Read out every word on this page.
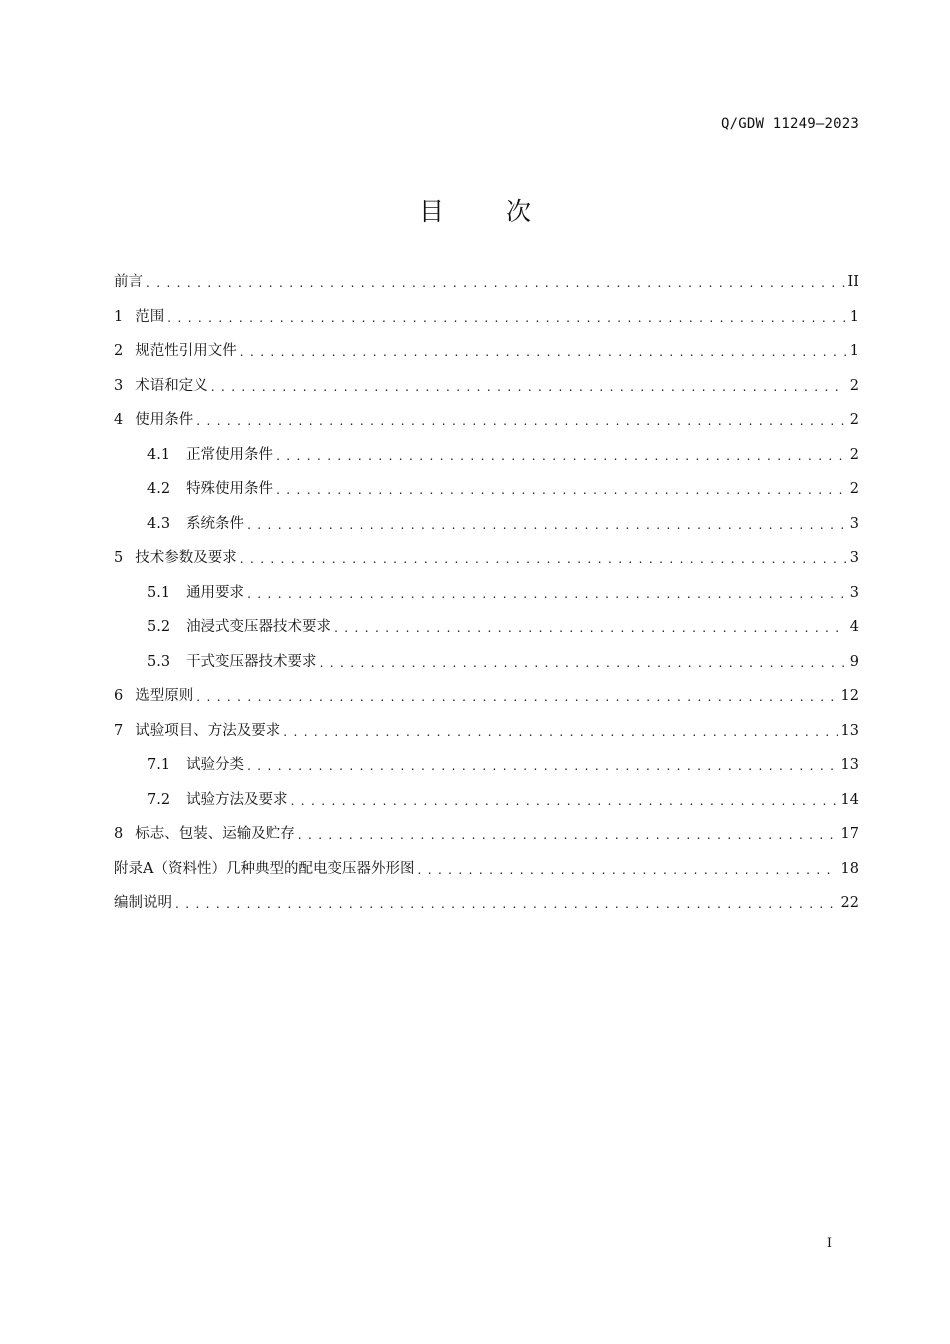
Q/GDW 11249—2023
目次
前言 . . .	II
1 范围 . . .	1
2 规范性引用文件 . . .	1
3 术语和定义 . . .	2
4 使用条件 . . .	2
4.1 正常使用条件 . . .	2
4.2 特殊使用条件 . . .	2
4.3 系统条件 . . .	3
5 技术参数及要求 . . .	3
5.1 通用要求 . . .	3
5.2 油浸式变压器技术要求 . . .	4
5.3 干式变压器技术要求 . . .	9
6 选型原则 . . .	12
7 试验项目、方法及要求 . . .	13
7.1 试验分类 . . .	13
7.2 试验方法及要求 . . .	14
8 标志、包装、运输及贮存 . . .	17
附录A（资料性）几种典型的配电变压器外形图 . . .	18
编制说明 . . .	22
I
